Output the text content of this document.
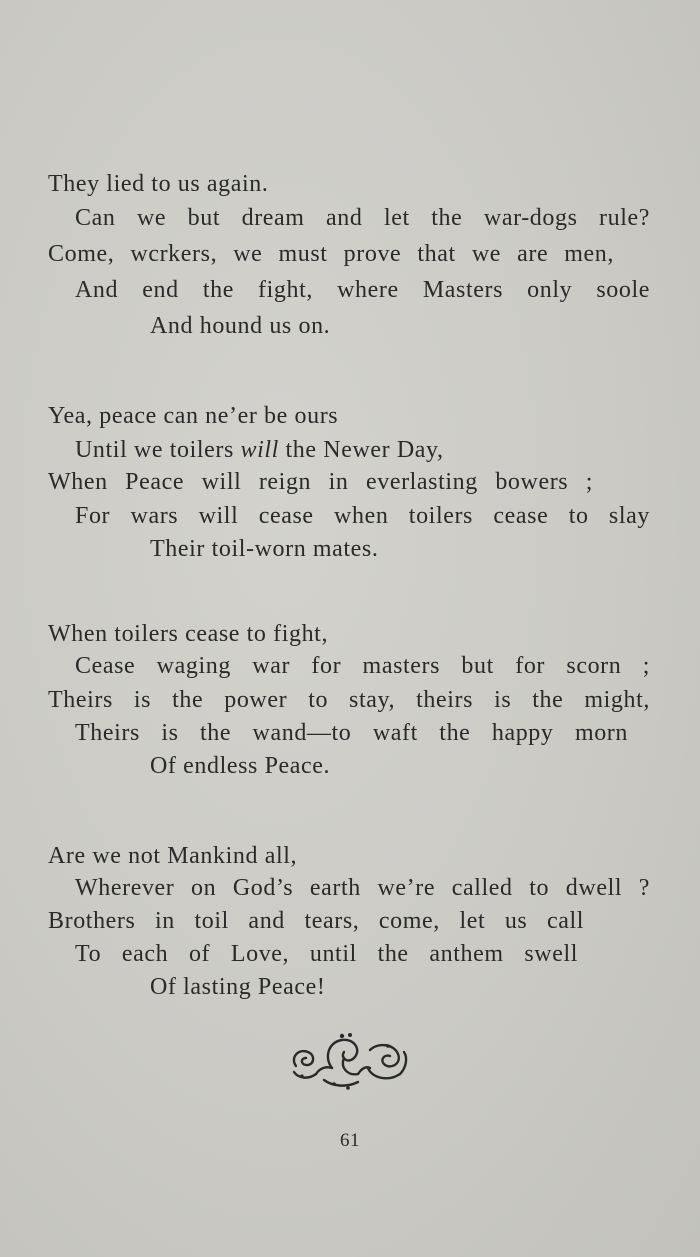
They lied to us again.
Can we but dream and let the war-dogs rule?
Come, wcrkers, we must prove that we are men,
And end the fight, where Masters only soole
And hound us on.
Yea, peace can ne’er be ours
Until we toilers will the Newer Day,
When Peace will reign in everlasting bowers ;
For wars will cease when toilers cease to slay
Their toil-worn mates.
When toilers cease to fight,
Cease waging war for masters but for scorn ;
Theirs is the power to stay, theirs is the might,
Theirs is the wand—to waft the happy morn
Of endless Peace.
Are we not Mankind all,
Wherever on God’s earth we’re called to dwell ?
Brothers in toil and tears, come, let us call
To each of Love, until the anthem swell
Of lasting Peace!
61
